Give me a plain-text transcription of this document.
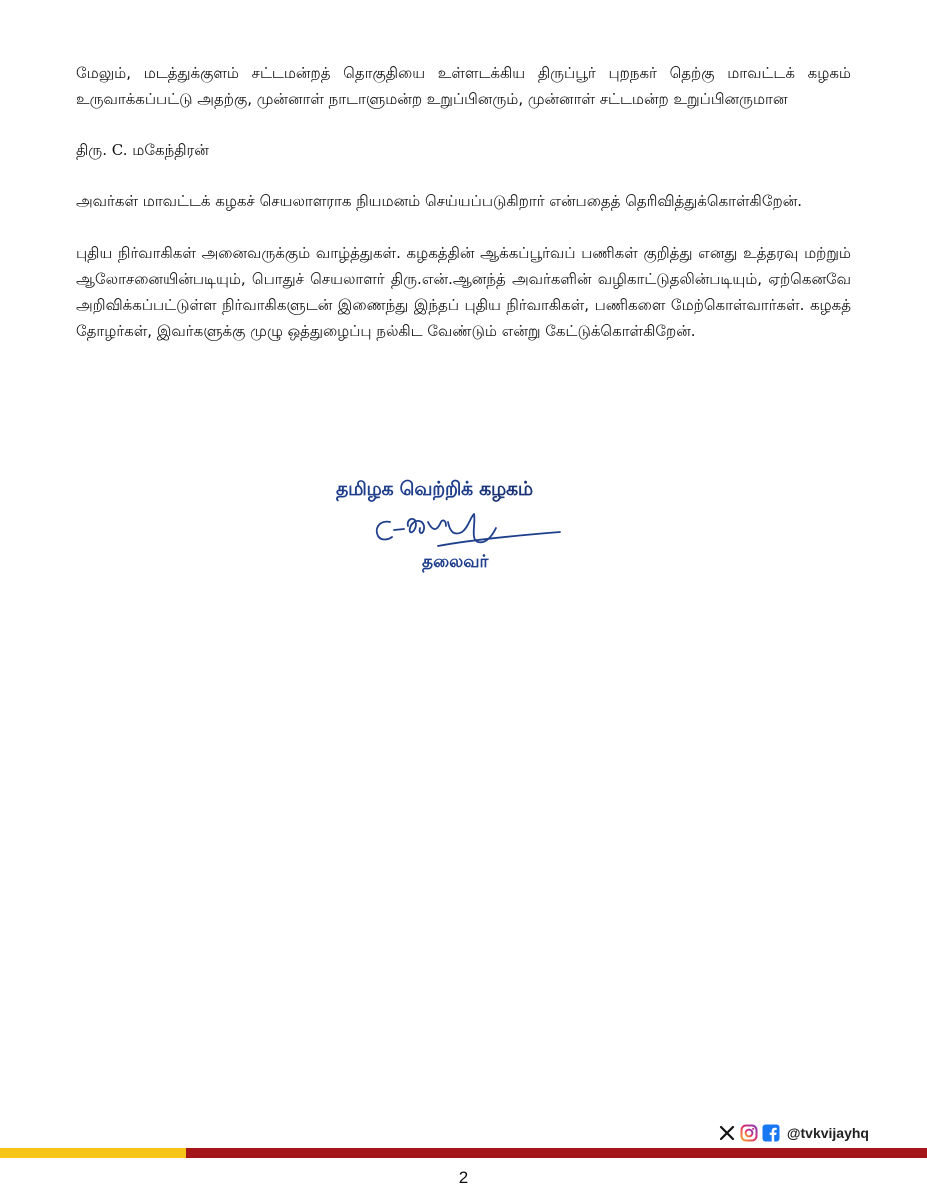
மேலும், மடத்துக்குளம் சட்டமன்றத் தொகுதியை உள்ளடக்கிய திருப்பூர் புறநகர் தெற்கு மாவட்டக் கழகம் உருவாக்கப்பட்டு அதற்கு, முன்னாள் நாடாளுமன்ற உறுப்பினரும், முன்னாள் சட்டமன்ற உறுப்பினருமான

திரு. C. மகேந்திரன்

அவர்கள் மாவட்டக் கழகச் செயலாளராக நியமனம் செய்யப்படுகிறார் என்பதைத் தெரிவித்துக்கொள்கிறேன்.

புதிய நிர்வாகிகள் அனைவருக்கும் வாழ்த்துகள். கழகத்தின் ஆக்கப்பூர்வப் பணிகள் குறித்து எனது உத்தரவு மற்றும் ஆலோசனையின்படியும், பொதுச் செயலாளர் திரு.என்.ஆனந்த் அவர்களின் வழிகாட்டுதலின்படியும், ஏற்கெனவே அறிவிக்கப்பட்டுள்ள நிர்வாகிகளுடன் இணைந்து இந்தப் புதிய நிர்வாகிகள், பணிகளை மேற்கொள்வார்கள். கழகத் தோழர்கள், இவர்களுக்கு முழு ஒத்துழைப்பு நல்கிட வேண்டும் என்று கேட்டுக்கொள்கிறேன்.

தமிழக வெற்றிக் கழகம்
தலைவர்
@tvkvijayhq
2
